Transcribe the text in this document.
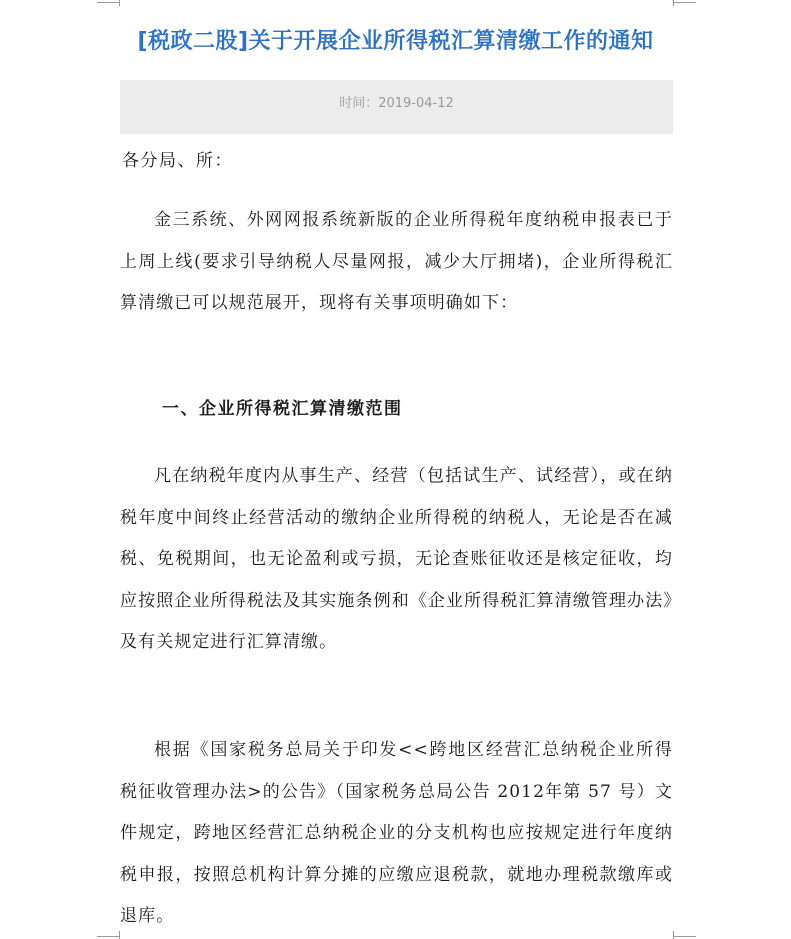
[税政二股]关于开展企业所得税汇算清缴工作的通知
时间：2019-04-12
各分局、所：

金三系统、外网网报系统新版的企业所得税年度纳税申报表已于上周上线(要求引导纳税人尽量网报，减少大厅拥堵)，企业所得税汇算清缴已可以规范展开，现将有关事项明确如下：

一、企业所得税汇算清缴范围

凡在纳税年度内从事生产、经营（包括试生产、试经营），或在纳税年度中间终止经营活动的缴纳企业所得税的纳税人，无论是否在减税、免税期间，也无论盈利或亏损，无论查账征收还是核定征收，均应按照企业所得税法及其实施条例和《企业所得税汇算清缴管理办法》及有关规定进行汇算清缴。

根据《国家税务总局关于印发<<跨地区经营汇总纳税企业所得税征收管理办法>的公告》（国家税务总局公告 2012年第 57 号）文件规定，跨地区经营汇总纳税企业的分支机构也应按规定进行年度纳税申报，按照总机构计算分摊的应缴应退税款，就地办理税款缴库或退库。
